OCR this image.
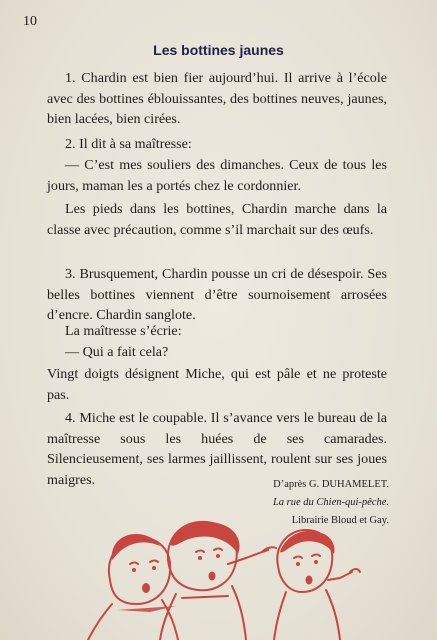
10
Les bottines jaunes

1. Chardin est bien fier aujourd’hui. Il arrive à l’école avec des bottines éblouissantes, des bottines neuves, jaunes, bien lacées, bien cirées.

2. Il dit à sa maîtresse:

— C’est mes souliers des dimanches. Ceux de tous les jours, maman les a portés chez le cordonnier.

Les pieds dans les bottines, Chardin marche dans la classe avec précaution, comme s’il marchait sur des œufs.

3. Brusquement, Chardin pousse un cri de désespoir. Ses belles bottines viennent d’être sournoisement arrosées d’encre. Chardin sanglote.

La maîtresse s’écrie:

— Qui a fait cela?

Vingt doigts désignent Miche, qui est pâle et ne proteste pas.

4. Miche est le coupable. Il s’avance vers le bureau de la maîtresse sous les huées de ses camarades. Silencieusement, ses larmes jaillissent, roulent sur ses joues maigres.	D’après G. DUHAMELET.
La rue du Chien-qui-pêche.
Librairie Bloud et Gay.
